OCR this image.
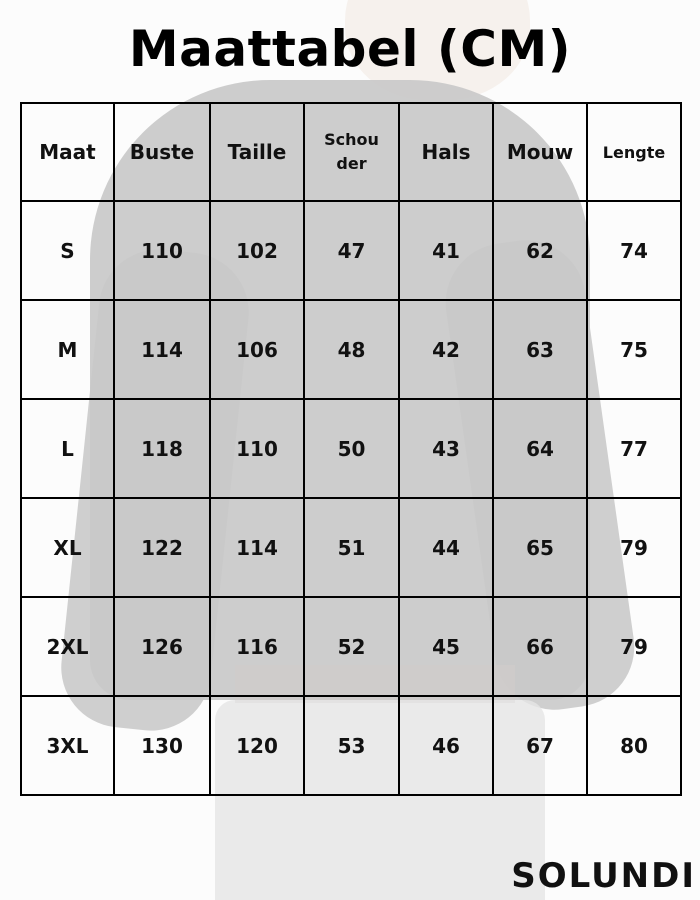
Maattabel (CM)
Maat	Buste	Taille	Schou der	Hals	Mouw	Lengte
S	110	102	47	41	62	74
M	114	106	48	42	63	75
L	118	110	50	43	64	77
XL	122	114	51	44	65	79
2XL	126	116	52	45	66	79
3XL	130	120	53	46	67	80
SOLUNDI
